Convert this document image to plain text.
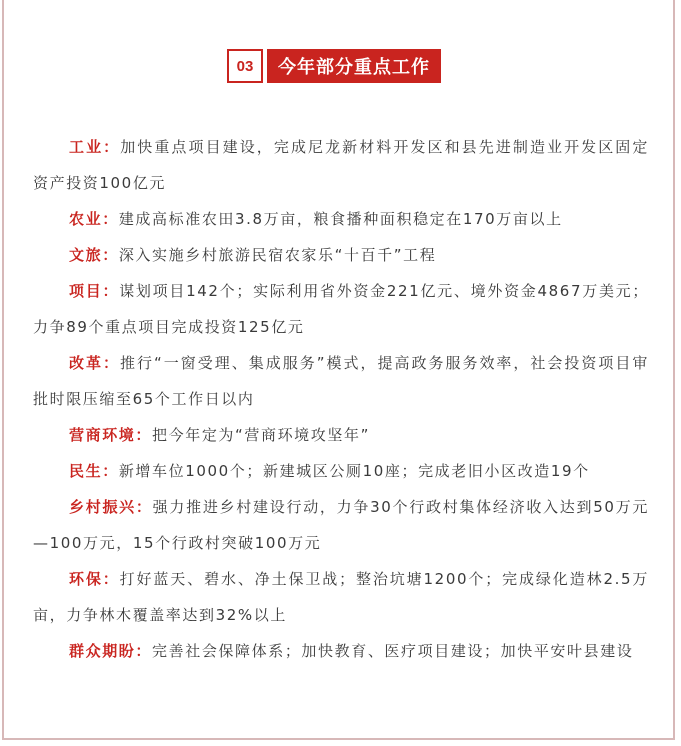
03	今年部分重点工作

工业：加快重点项目建设，完成尼龙新材料开发区和县先进制造业开发区固定资产投资100亿元

农业：建成高标准农田3.8万亩，粮食播种面积稳定在170万亩以上

文旅：深入实施乡村旅游民宿农家乐“十百千”工程

项目：谋划项目142个；实际利用省外资金221亿元、境外资金4867万美元；力争89个重点项目完成投资125亿元

改革：推行“一窗受理、集成服务”模式，提高政务服务效率，社会投资项目审批时限压缩至65个工作日以内

营商环境：把今年定为“营商环境攻坚年”

民生：新增车位1000个；新建城区公厕10座；完成老旧小区改造19个

乡村振兴：强力推进乡村建设行动，力争30个行政村集体经济收入达到50万元—100万元，15个行政村突破100万元

环保：打好蓝天、碧水、净土保卫战；整治坑塘1200个；完成绿化造林2.5万亩，力争林木覆盖率达到32%以上

群众期盼：完善社会保障体系；加快教育、医疗项目建设；加快平安叶县建设
